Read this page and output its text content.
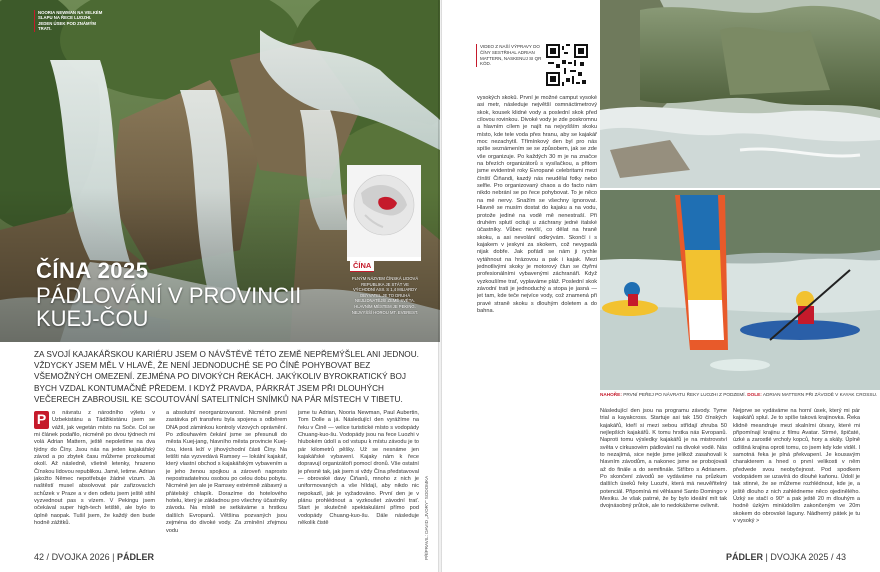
NOORIA NEWMAN NA VELKÉM SLAPU NA ŘECE LUOZHI. JEDEN ÚSEK POD ZNÁMÝM TRATI.
ČÍNA
PLNÝM NÁZVEM ČÍNSKÁ LIDOVÁ REPUBLIKA JE STÁT VE VÝCHODNÍ ASII. S 1,4 MILIARDY OBYVATEL JE TO DRUHÁ NEJLIDNATĚJŠÍ ZEMĚ SVĚTA. HLAVNÍM MĚSTEM JE PEKING. NEJVYŠŠÍ HOROU MT. EVEREST.
ČÍNA 2025
PÁDLOVÁNÍ V PROVINCII
KUEJ-ČOU
ZA SVOJÍ KAJAKÁŘSKOU KARIÉRU JSEM O NÁVŠTĚVĚ TÉTO ZEMĚ NEPŘEMÝŠLEL ANI JEDNOU. VŽDYCKY JSEM MĚL V HLAVĚ, ŽE NENÍ JEDNODUCHÉ SE PO ČÍNĚ POHYBOVAT BEZ VŠEMOŽNÝCH OMEZENÍ. ZEJMÉNA PO DIVOKÝCH ŘEKÁCH. JAKÝKOLIV BYROKRATICKÝ BOJ BYCH VZDAL KONTUMAČNĚ PŘEDEM. I KDYŽ PRAVDA, PÁRKRÁT JSEM PŘI DLOUHÝCH VEČERECH ZABROUSIL KE SCOUTOVÁNÍ SATELITNÍCH SNÍMKŮ NA PÁR MÍSTECH V TIBETU.
P	o návratu z národního výletu v Uzbekistánu a Tádžikistánu jsem se vážil, jak vegetán místo na Soče. Col se mi článek podařilo, nicméně po dvou týdnech mi volá Adrian Mattern, ještě nepoletíme na dva týdny do Číny. Jsou nás na jeden kajakářský závod a po zbytek času můžeme prozkoumat okolí. Až následně, všetně letenky, hrazeno Čínskou lidovou republikou. Jamé, letime. Adrian jakožto Němec nepotřebuje žádné vízum. Já naštěstí musel absolvovat pár zařizovacích schůzek v Praze a v den odletu jsem ještě stihl vyzvednout pas s vízem. V Pekingu jsem očekával super high-tech letiště, ale bylo to úplně naopak. Tušil jsem, že každý den bude hodně zážitků.
a absolutní neorganizovanost. Nicméně první zastávka při transferu byla spojena s odběrem DNA pod záminkou kontroly vízových oprávnění. Po zdlouhavém čekání jsme se přesunuli do města Kuej-jang, hlavního města provincie Kuej-čou, která leží v jihovýchodní části Číny. Na letišti nás vyzvedává Ramsey — lokální kajakář, který vlastní obchod s kajakářským vybavením a je jeho ženou spojkou a zároveň naprosto nepostradatelnou osobou po celou dobu pobytu. Nicméně jen ale je Ramsey extrémně zábavný a přátelský chlapík. Dorazíme do hotelového hotelu, který je základnou pro všechny účastníky závodu. Na místě se setkáváme s hrstkou dalších Evropanů. Většina pozvaných jsou zejména do divoké vody. Za zmínění zřejmou vodu
jsme tu Adrian, Nooria Newman, Paul Aubertin, Tom Dolle a já. Následující den vyrážíme na řeku v Čině — velice turistické místo s vodopády Chuang-kuo-šu. Vodopády jsou na řece Luozhi v hlubokém údolí a od vstupu k místu závodu je to pár kilometrů pěšky. Už se nesnáme jen kajakářské vybavení. Kajaky nám k řece dopravují organizátoři pomocí dronů. Vše ostatní je přesně tak, jak jsem si vždy Čína představoval — obrovské davy Čiňanů, mnoho z nich je uniformovaných a vše hlídají, aby nikdo nic nepokazil, jak je vyžadováno. První den je v plánu prohlédnout a vyzkoušet závodní trať. Start je skutečně spektakulární přímo pod vodopády Chuang-kuo-šu. Dále následuje několik čistě	PŘÍPRAVIL: DAVID „JVORY“ SODOMKA
42 / DVOJKA 2026 | PÁDLER
VIDEO Z NAŠÍ VÝPRAVY DO ČÍNY SESTŘIHAL ADRIAN MATTERN, NASKENUJ SI QR KÓD.
vysokých skoků. První je možné camput vysoké asi metr, následuje největší osmnáctimetrový skok, kousek klidné vody a poslední skok před cílovou rovinkou. Divoké vody je zde poskromnu a hlavním cílem je najít na nejvyšším skoku místo, kde tele voda přes hranu, aby se kajakář moc nezachytil. Třímínkový den byl pro nás spíše seznámením se se způsobem, jak se zde vše organizuje. Po každých 30 m je na značce na březích organizátorů s vysílačkou, a přitom jsme evidentně roky Evropané celebritami mezi čínští Čiňandi, kazdý nás neudělal fotky nebo selfie. Pro organizovaný chaos a do facto nám nikdo nebrání se po řece pohybovat. To je něco na mé nervy. Snažím se všechny ignorovat. Hlavně se musím dostat do kajaku a na vodu, protože jediné na vodě mě nenestraší. Při druhém splutí ocituji u záchrany jedné italské účastníky. Vůbec nevíší, co dělat na hraně skoku, a asi nevolání odkrývám. Skončí i s kajakem v jeskyni za skokem, což nevypadá nijak dobře. Jak pořádí se nám ji rychle vytáhnout na hrázovou a pak i kajak. Mezi jednotlivými skoky je motorový člun se čtyřmi profesionálními vybavenými záchranáři. Když vyzkoušíme trať, vyplaváme pláž. Poslední skok závodní trati je jednoduchý a stopa je jasná — jet tam, kde teče nejvíce vody, což znamená při pravé straně skoku s dlouhým doletem a do bahna.
NAHOŘE: PRVNÍ PEŘEJ PO NÁVRATU ŘEKY LUOZHI Z PODZEMÍ. DOLE: ADRIAN MATTERN PŘI ZÁVODĚ V KAYAK CROSSU.
Následující den jsou na programu závody. Tyme trial a kayakcross. Startuje asi tak 150 čínských kajakářů, kteří si mezi sebou střídají zhruba 50 nejlepších kajakářů. K tomu hrstka nás Evropanů. Naproti tomu výsledky kajakářů je na mistrovství světa v cirkusovém pádlování na divoké vodě. Nás to nezajímá, sice nejde jsme jelikož zasahovali k hlavním závodům, a nakonec jsme se probojovali až do finále a do semifinále. Stříbro s Adrianem. Po skončení závodů se vydáváme na průzkum dalších úseků řeky Luozhi, která má neuvěřitelný potenciál. Připomíná mi věhlasné Santo Domingo v Mexiku. Je však patrné, že by bylo ideální mít tak dvojnásobný průtok, ale to nedokážeme ovlivnit.
Nejprve se vydáváme na horní úsek, který mi pár kajakářů splul. Je to spíše taková krajinovka. Řeka klidně meandruje mezi skalními útvary, které mi připomínají krajinu z filmu Avatar. Strmé, špičaté, úzké a zarostlé vrcholy kopců, hory a skály. Úplně odlišná krajina oproti tomu, co jsem kdy kde viděl. I samotná řeka je plná překvapení. Je kousavým charakterem a hned o první velikosti v něm předvede svou neobyčejnost. Pod spodkem vodopádem se uzavírá do dlouhé kaňonu. Údolí je tak stinné, že se můžeme rozhlédnout, kde je, a ještě dlouho z nich zahlédneme něco ojedinělého. Úzký se stačí o 90° a pak ještě 20 m dlouhým a hodně úzkým miniúdolím zakončeným ve 20m skokem do obrovské laguny. Nádherný pátek je tu v vysoký >
PÁDLER | DVOJKA 2025 / 43
